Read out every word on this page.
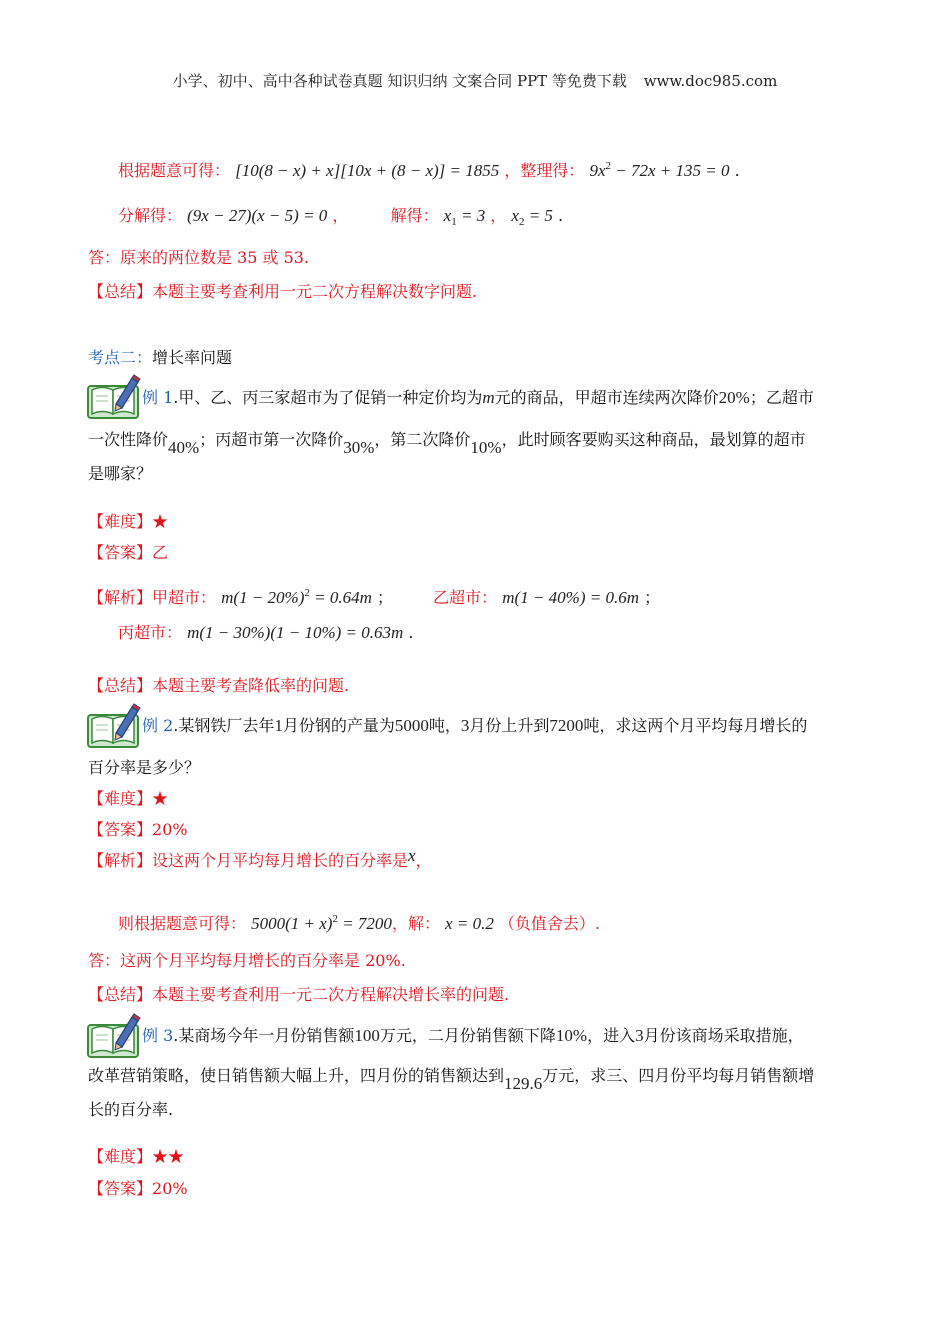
小学、初中、高中各种试卷真题 知识归纳 文案合同 PPT 等免费下载 www.doc985.com
根据题意可得： [10(8 − x) + x][10x + (8 − x)] = 1855 ，整理得： $9x^2 - 72x + 135 = 0$ .
分解得： (9x − 27)(x − 5) = 0 ，	解得： $x_1 = 3$ ， $x_2 = 5$ .
答：原来的两位数是 35 或 53.
【总结】本题主要考查利用一元二次方程解决数字问题.
考点二：增长率问题
例 1.甲、乙、丙三家超市为了促销一种定价均为m元的商品，甲超市连续两次降价20%；乙超市
一次性降价40%；丙超市第一次降价30%，第二次降价10%，此时顾客要购买这种商品，最划算的超市
是哪家？
【难度】★
【答案】乙
【解析】甲超市： $m(1 - 20\%)^2 = 0.64m$ ；	乙超市： m(1 − 40%) = 0.6m ；
丙超市： m(1 − 30%)(1 − 10%) = 0.63m .
【总结】本题主要考查降低率的问题.
例 2.某钢铁厂去年1月份钢的产量为5000吨，3月份上升到7200吨，求这两个月平均每月增长的
百分率是多少？
【难度】★
【答案】20%
【解析】设这两个月平均每月增长的百分率是x，
则根据题意可得： $5000(1 + x)^2 = 7200$，解： x = 0.2 （负值舍去）.
答：这两个月平均每月增长的百分率是 20%.
【总结】本题主要考查利用一元二次方程解决增长率的问题.
例 3.某商场今年一月份销售额100万元，二月份销售额下降10%，进入3月份该商场采取措施，
改革营销策略，使日销售额大幅上升，四月份的销售额达到129.6万元，求三、四月份平均每月销售额增
长的百分率.
【难度】★★
【答案】20%
